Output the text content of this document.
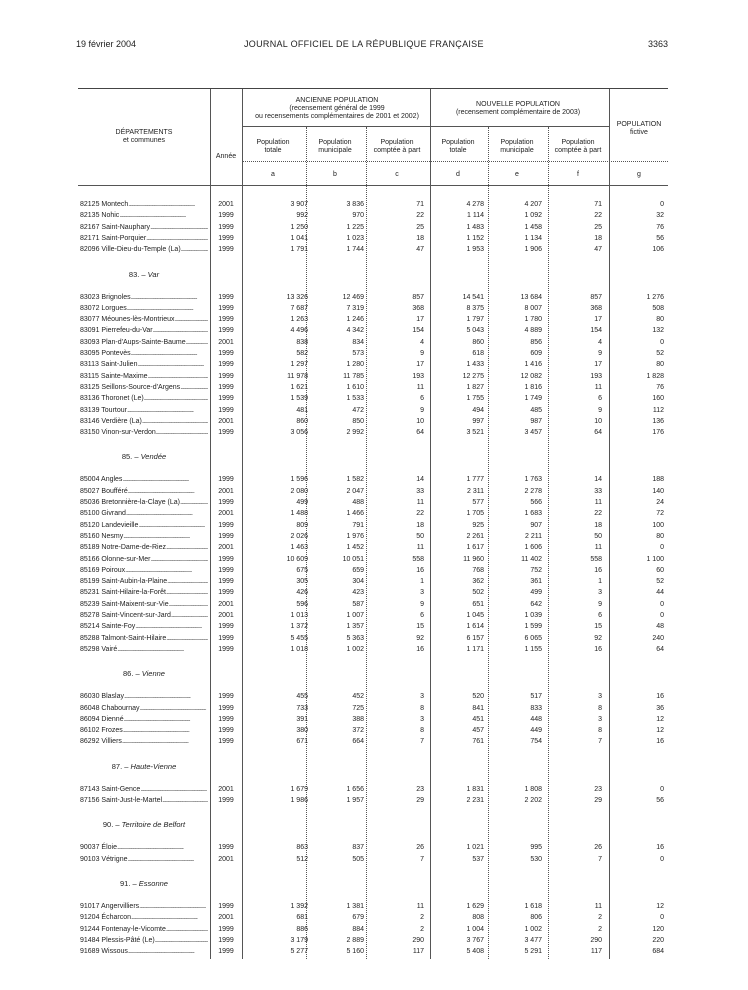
19 février 2004	JOURNAL OFFICIEL DE LA RÉPUBLIQUE FRANÇAISE	3363
DÉPARTEMENTS
et communes
Année
ANCIENNE POPULATION
(recensement général de 1999
ou recensements complémentaires de 2001 et 2002)
NOUVELLE POPULATION
(recensement complémentaire de 2003)
POPULATION
fictive
Population
totale
Population
municipale
Population
comptée à part
Population
totale
Population
municipale
Population
comptée à part
a	b	c	d	e	f	g
82125 Montech .....	2001	3 907	3 836	71	4 278	4 207	71	0
82135 Nohic .....	1999	992	970	22	1 114	1 092	22	32
82167 Saint-Nauphary .....	1999	1 250	1 225	25	1 483	1 458	25	76
82171 Saint-Porquier .....	1999	1 041	1 023	18	1 152	1 134	18	56
82096 Ville-Dieu-du-Temple (La) .....	1999	1 791	1 744	47	1 953	1 906	47	106
83. – Var
83023 Brignoles .....	1999	13 326	12 469	857	14 541	13 684	857	1 276
83072 Lorgues .....	1999	7 687	7 319	368	8 375	8 007	368	508
83077 Méounes-lès-Montrieux .....	1999	1 263	1 246	17	1 797	1 780	17	80
83091 Pierrefeu-du-Var .....	1999	4 496	4 342	154	5 043	4 889	154	132
83093 Plan-d'Aups-Sainte-Baume .....	2001	838	834	4	860	856	4	0
83095 Pontevès .....	1999	582	573	9	618	609	9	52
83113 Saint-Julien .....	1999	1 297	1 280	17	1 433	1 416	17	80
83115 Sainte-Maxime .....	1999	11 978	11 785	193	12 275	12 082	193	1 828
83125 Seillons-Source-d'Argens .....	1999	1 621	1 610	11	1 827	1 816	11	76
83136 Thoronet (Le) .....	1999	1 539	1 533	6	1 755	1 749	6	160
83139 Tourtour .....	1999	481	472	9	494	485	9	112
83146 Verdière (La) .....	2001	860	850	10	997	987	10	136
83150 Vinon-sur-Verdon .....	1999	3 056	2 992	64	3 521	3 457	64	176
85. – Vendée
85004 Angles .....	1999	1 596	1 582	14	1 777	1 763	14	188
85027 Boufféré .....	2001	2 080	2 047	33	2 311	2 278	33	140
85036 Bretonnière-la-Claye (La) .....	1999	499	488	11	577	566	11	24
85100 Givrand .....	2001	1 488	1 466	22	1 705	1 683	22	72
85120 Landevieille .....	1999	809	791	18	925	907	18	100
85160 Nesmy .....	1999	2 026	1 976	50	2 261	2 211	50	80
85189 Notre-Dame-de-Riez .....	2001	1 463	1 452	11	1 617	1 606	11	0
85166 Olonne-sur-Mer .....	1999	10 609	10 051	558	11 960	11 402	558	1 100
85169 Poiroux .....	1999	675	659	16	768	752	16	60
85199 Saint-Aubin-la-Plaine .....	1999	305	304	1	362	361	1	52
85231 Saint-Hilaire-la-Forêt .....	1999	426	423	3	502	499	3	44
85239 Saint-Maixent-sur-Vie .....	2001	596	587	9	651	642	9	0
85278 Saint-Vincent-sur-Jard .....	2001	1 013	1 007	6	1 045	1 039	6	0
85214 Sainte-Foy .....	1999	1 372	1 357	15	1 614	1 599	15	48
85288 Talmont-Saint-Hilaire .....	1999	5 455	5 363	92	6 157	6 065	92	240
85298 Vairé .....	1999	1 018	1 002	16	1 171	1 155	16	64
86. – Vienne
86030 Blaslay .....	1999	455	452	3	520	517	3	16
86048 Chabournay .....	1999	733	725	8	841	833	8	36
86094 Dienné .....	1999	391	388	3	451	448	3	12
86102 Frozes .....	1999	380	372	8	457	449	8	12
86292 Villiers .....	1999	671	664	7	761	754	7	16
87. – Haute-Vienne
87143 Saint-Gence .....	2001	1 679	1 656	23	1 831	1 808	23	0
87156 Saint-Just-le-Martel .....	1999	1 986	1 957	29	2 231	2 202	29	56
90. – Territoire de Belfort
90037 Éloie .....	1999	863	837	26	1 021	995	26	16
90103 Vétrigne .....	2001	512	505	7	537	530	7	0
91. – Essonne
91017 Angervilliers .....	1999	1 392	1 381	11	1 629	1 618	11	12
91204 Écharcon .....	2001	681	679	2	808	806	2	0
91244 Fontenay-le-Vicomte .....	1999	886	884	2	1 004	1 002	2	120
91484 Plessis-Pâté (Le) .....	1999	3 179	2 889	290	3 767	3 477	290	220
91689 Wissous .....	1999	5 277	5 160	117	5 408	5 291	117	684
